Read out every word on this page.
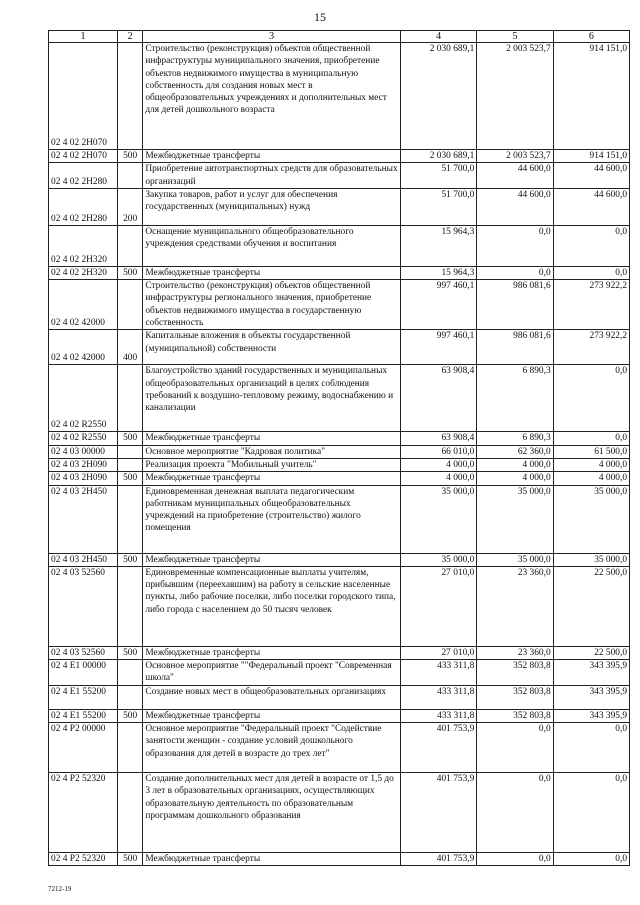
15
1	2	3	4	5	6
02 4 02 2Н070		Строительство (реконструкция) объектов общественной инфраструктуры муниципального значения, приобретение объектов недвижимого имущества в муниципальную собственность для создания новых мест в общеобразовательных учреждениях и дополнительных мест для детей дошкольного возраста	2 030 689,1	2 003 523,7	914 151,0
02 4 02 2Н070	500	Межбюджетные трансферты	2 030 689,1	2 003 523,7	914 151,0
02 4 02 2Н280		Приобретение автотранспортных средств для образовательных организаций	51 700,0	44 600,0	44 600,0
02 4 02 2Н280	200	Закупка товаров, работ и услуг для обеспечения государственных (муниципальных) нужд	51 700,0	44 600,0	44 600,0
02 4 02 2Н320		Оснащение муниципального общеобразовательного учреждения средствами обучения и воспитания	15 964,3	0,0	0,0
02 4 02 2Н320	500	Межбюджетные трансферты	15 964,3	0,0	0,0
02 4 02 42000		Строительство (реконструкция) объектов общественной инфраструктуры регионального значения, приобретение объектов недвижимого имущества в государственную собственность	997 460,1	986 081,6	273 922,2
02 4 02 42000	400	Капитальные вложения в объекты государственной (муниципальной) собственности	997 460,1	986 081,6	273 922,2
02 4 02 R2550		Благоустройство зданий государственных и муниципальных общеобразовательных организаций в целях соблюдения требований к воздушно-тепловому режиму, водоснабжению и канализации	63 908,4	6 890,3	0,0
02 4 02 R2550	500	Межбюджетные трансферты	63 908,4	6 890,3	0,0
02 4 03 00000		Основное мероприятие "Кадровая политика"	66 010,0	62 360,0	61 500,0
02 4 03 2Н090		Реализация проекта "Мобильный учитель"	4 000,0	4 000,0	4 000,0
02 4 03 2Н090	500	Межбюджетные трансферты	4 000,0	4 000,0	4 000,0
02 4 03 2Н450		Единовременная денежная выплата педагогическим работникам муниципальных общеобразовательных учреждений на приобретение (строительство) жилого помещения	35 000,0	35 000,0	35 000,0
02 4 03 2Н450	500	Межбюджетные трансферты	35 000,0	35 000,0	35 000,0
02 4 03 52560		Единовременные компенсационные выплаты учителям, прибывшим (переехавшим) на работу в сельские населенные пункты, либо рабочие поселки, либо поселки городского типа, либо города с населением до 50 тысяч человек	27 010,0	23 360,0	22 500,0
02 4 03 52560	500	Межбюджетные трансферты	27 010,0	23 360,0	22 500,0
02 4 E1 00000		Основное мероприятие ""Федеральный проект "Современная школа"	433 311,8	352 803,8	343 395,9
02 4 E1 55200		Создание новых мест в общеобразовательных организациях	433 311,8	352 803,8	343 395,9
02 4 E1 55200	500	Межбюджетные трансферты	433 311,8	352 803,8	343 395,9
02 4 P2 00000		Основное мероприятие "Федеральный проект "Содействие занятости женщин - создание условий дошкольного образования для детей в возрасте до трех лет"	401 753,9	0,0	0,0
02 4 P2 52320		Создание дополнительных мест для детей в возрасте от 1,5 до 3 лет в образовательных организациях, осуществляющих образовательную деятельность по образовательным программам дошкольного образования	401 753,9	0,0	0,0
02 4 P2 52320	500	Межбюджетные трансферты	401 753,9	0,0	0,0
7212-19
